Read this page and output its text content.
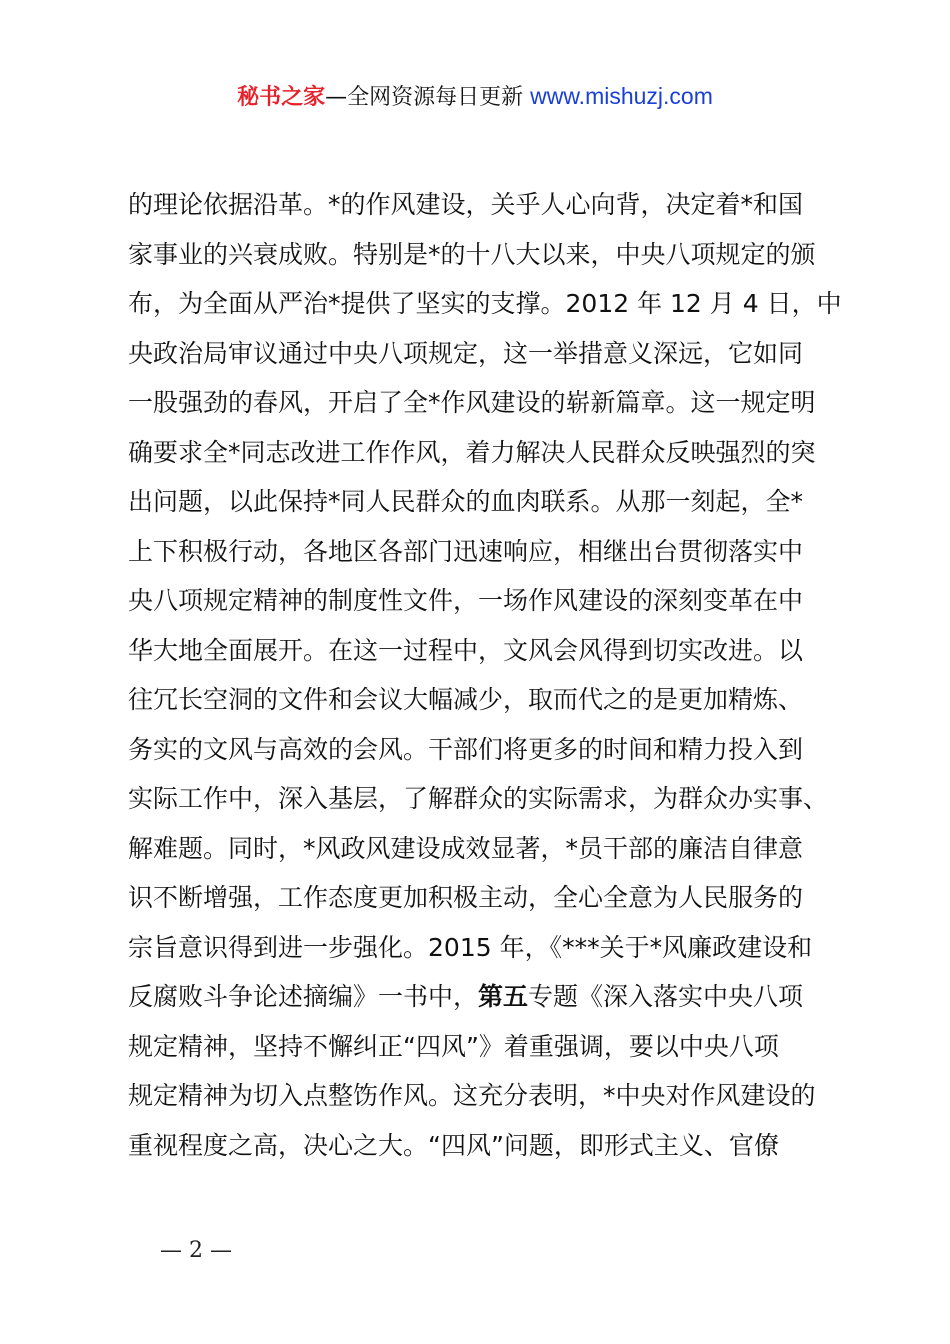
秘书之家—全网资源每日更新 www.mishuzj.com
的理论依据沿革。*的作风建设，关乎人心向背，决定着*和国
家事业的兴衰成败。特别是*的十八大以来，中央八项规定的颁
布，为全面从严治*提供了坚实的支撑。2012 年 12 月 4 日，中
央政治局审议通过中央八项规定，这一举措意义深远，它如同
一股强劲的春风，开启了全*作风建设的崭新篇章。这一规定明
确要求全*同志改进工作作风，着力解决人民群众反映强烈的突
出问题，以此保持*同人民群众的血肉联系。从那一刻起，全*
上下积极行动，各地区各部门迅速响应，相继出台贯彻落实中
央八项规定精神的制度性文件，一场作风建设的深刻变革在中
华大地全面展开。在这一过程中，文风会风得到切实改进。以
往冗长空洞的文件和会议大幅减少，取而代之的是更加精炼、
务实的文风与高效的会风。干部们将更多的时间和精力投入到
实际工作中，深入基层，了解群众的实际需求，为群众办实事、
解难题。同时，*风政风建设成效显著，*员干部的廉洁自律意
识不断增强，工作态度更加积极主动，全心全意为人民服务的
宗旨意识得到进一步强化。2015 年，《***关于*风廉政建设和
反腐败斗争论述摘编》一书中，第五专题《深入落实中央八项
规定精神，坚持不懈纠正“四风”》着重强调，要以中央八项
规定精神为切入点整饬作风。这充分表明，*中央对作风建设的
重视程度之高，决心之大。“四风”问题，即形式主义、官僚
— 2 —
